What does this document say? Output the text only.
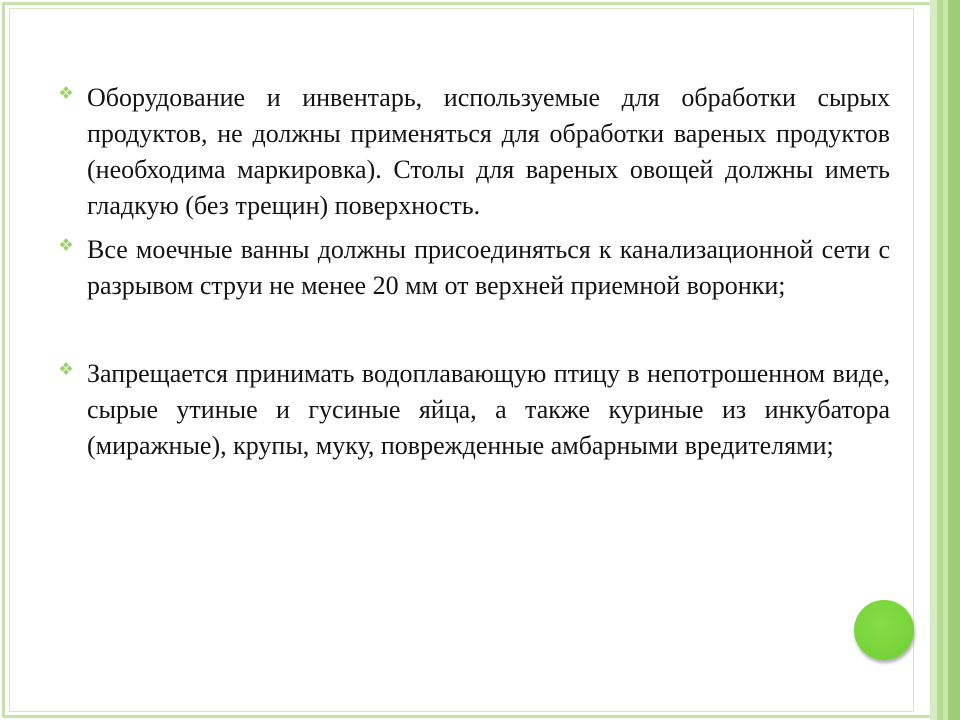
Оборудование и инвентарь, используемые для обработки сырых продуктов, не должны применяться для обработки вареных продуктов (необходима маркировка). Столы для вареных овощей должны иметь гладкую (без трещин) поверхность.
Все моечные ванны должны присоединяться к канализационной сети с разрывом струи не менее 20 мм от верхней приемной воронки;
Запрещается принимать водоплавающую птицу в непотрошенном виде, сырые утиные и гусиные яйца, а также куриные из инкубатора (миражные), крупы, муку, поврежденные амбарными вредителями;
